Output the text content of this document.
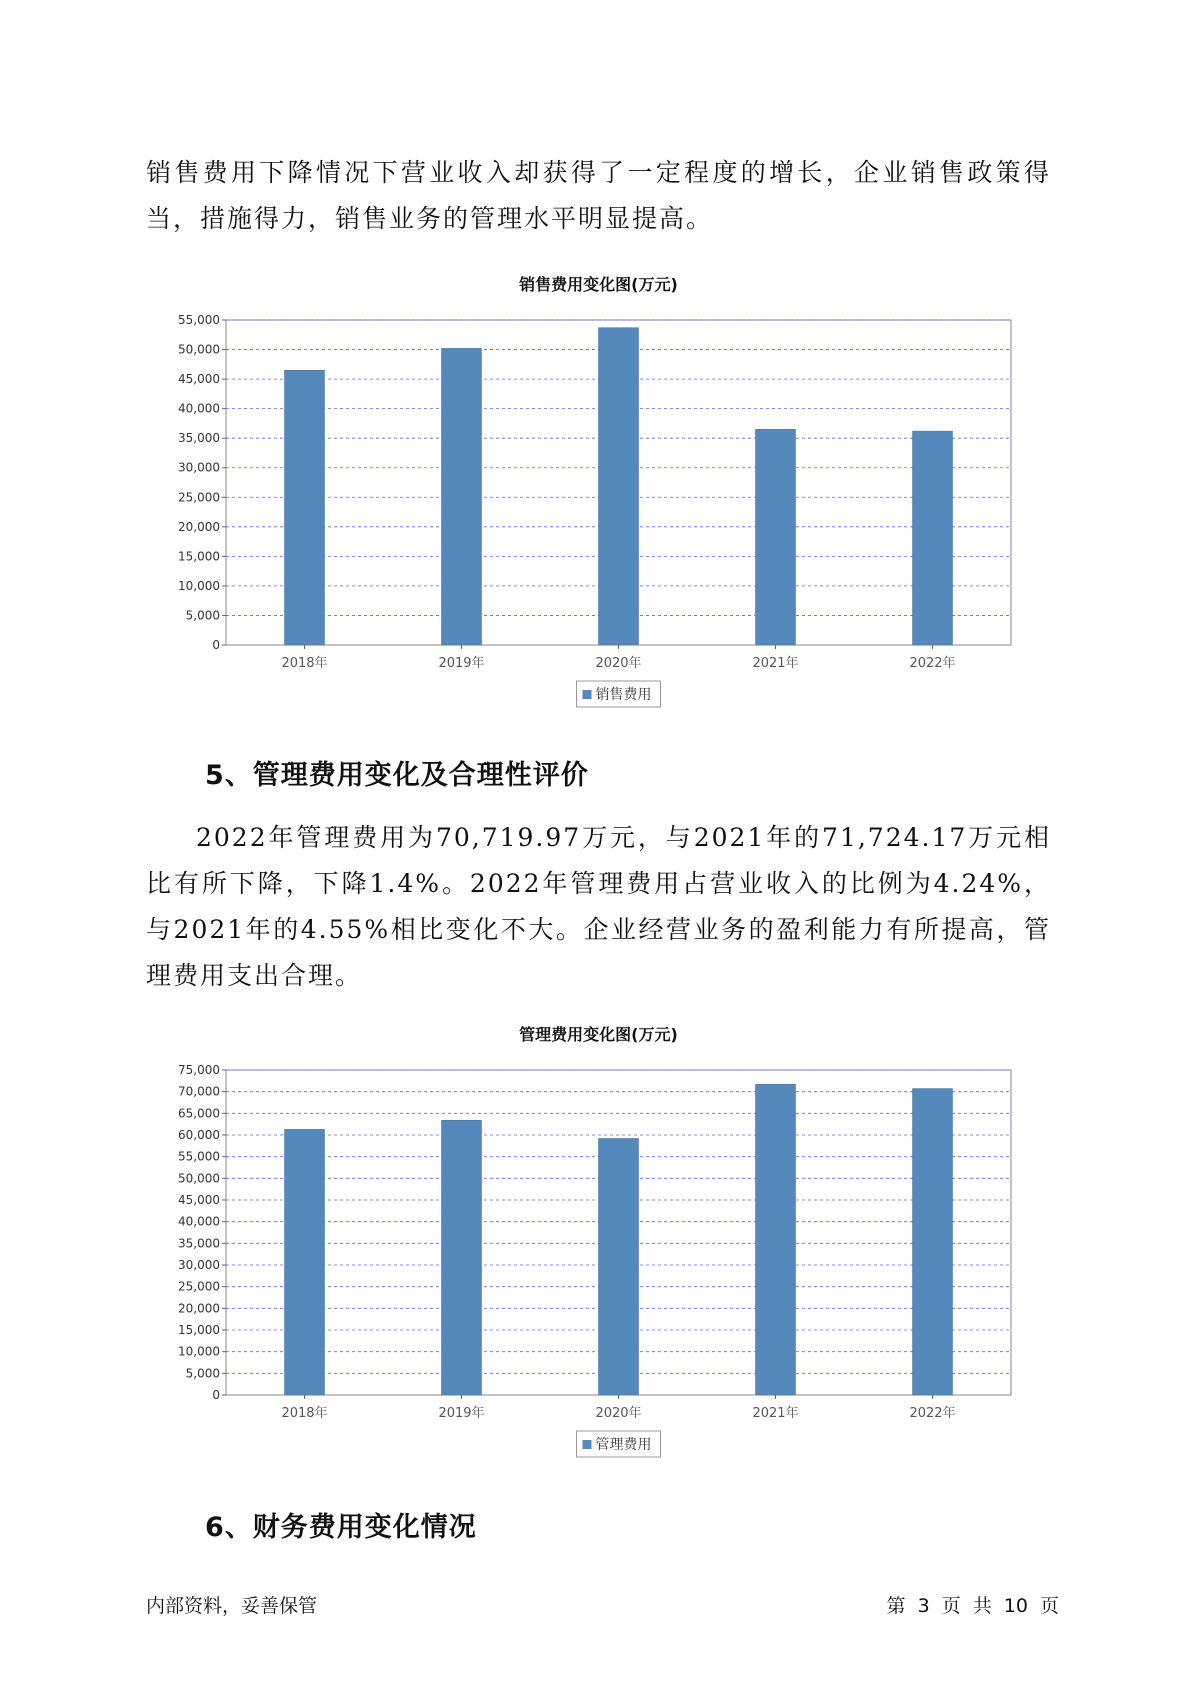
销售费用下降情况下营业收入却获得了一定程度的增长，企业销售政策得当，措施得力，销售业务的管理水平明显提高。

销售费用变化图(万元)
0
5,000
10,000
15,000
20,000
25,000
30,000
35,000
40,000
45,000
50,000
55,000
2018年	2019年	2020年	2021年	2022年
销售费用
5、管理费用变化及合理性评价

2022年管理费用为70,719.97万元，与2021年的71,724.17万元相比有所下降，下降1.4%。2022年管理费用占营业收入的比例为4.24%，与2021年的4.55%相比变化不大。企业经营业务的盈利能力有所提高，管理费用支出合理。

管理费用变化图(万元)
0
5,000
10,000
15,000
20,000
25,000
30,000
35,000
40,000
45,000
50,000
55,000
60,000
65,000
70,000
75,000
2018年	2019年	2020年	2021年	2022年
管理费用
6、财务费用变化情况
内部资料，妥善保管	第 3 页 共 10 页
